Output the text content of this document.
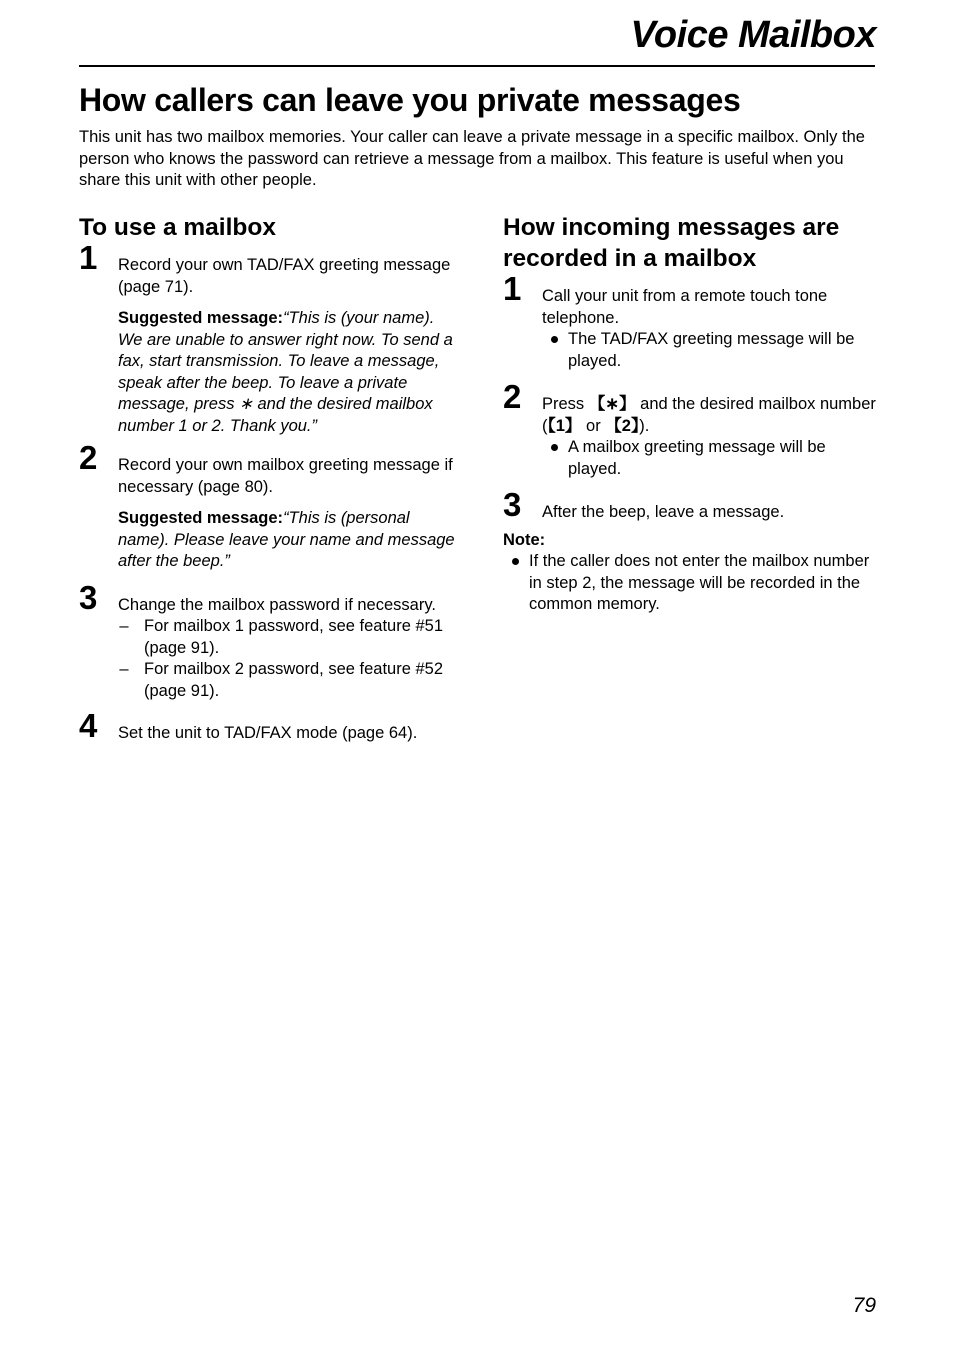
Voice Mailbox
How callers can leave you private messages

This unit has two mailbox memories. Your caller can leave a private message in a specific mailbox. Only the person who knows the password can retrieve a message from a mailbox. This feature is useful when you share this unit with other people.

To use a mailbox
1 Record your own TAD/FAX greeting message (page 71).
Suggested message:“This is (your name). We are unable to answer right now. To send a fax, start transmission. To leave a message, speak after the beep. To leave a private message, press ∗ and the desired mailbox number 1 or 2. Thank you.”
2 Record your own mailbox greeting message if necessary (page 80).
Suggested message:“This is (personal name). Please leave your name and message after the beep.”
3 Change the mailbox password if necessary.
– For mailbox 1 password, see feature #51 (page 91).
– For mailbox 2 password, see feature #52 (page 91).
4 Set the unit to TAD/FAX mode (page 64).
How incoming messages are recorded in a mailbox
1 Call your unit from a remote touch tone telephone.
The TAD/FAX greeting message will be played.
2 Press 【∗】 and the desired mailbox number (【1】 or 【2】).
A mailbox greeting message will be played.
3 After the beep, leave a message.
Note:
If the caller does not enter the mailbox number in step 2, the message will be recorded in the common memory.
79
